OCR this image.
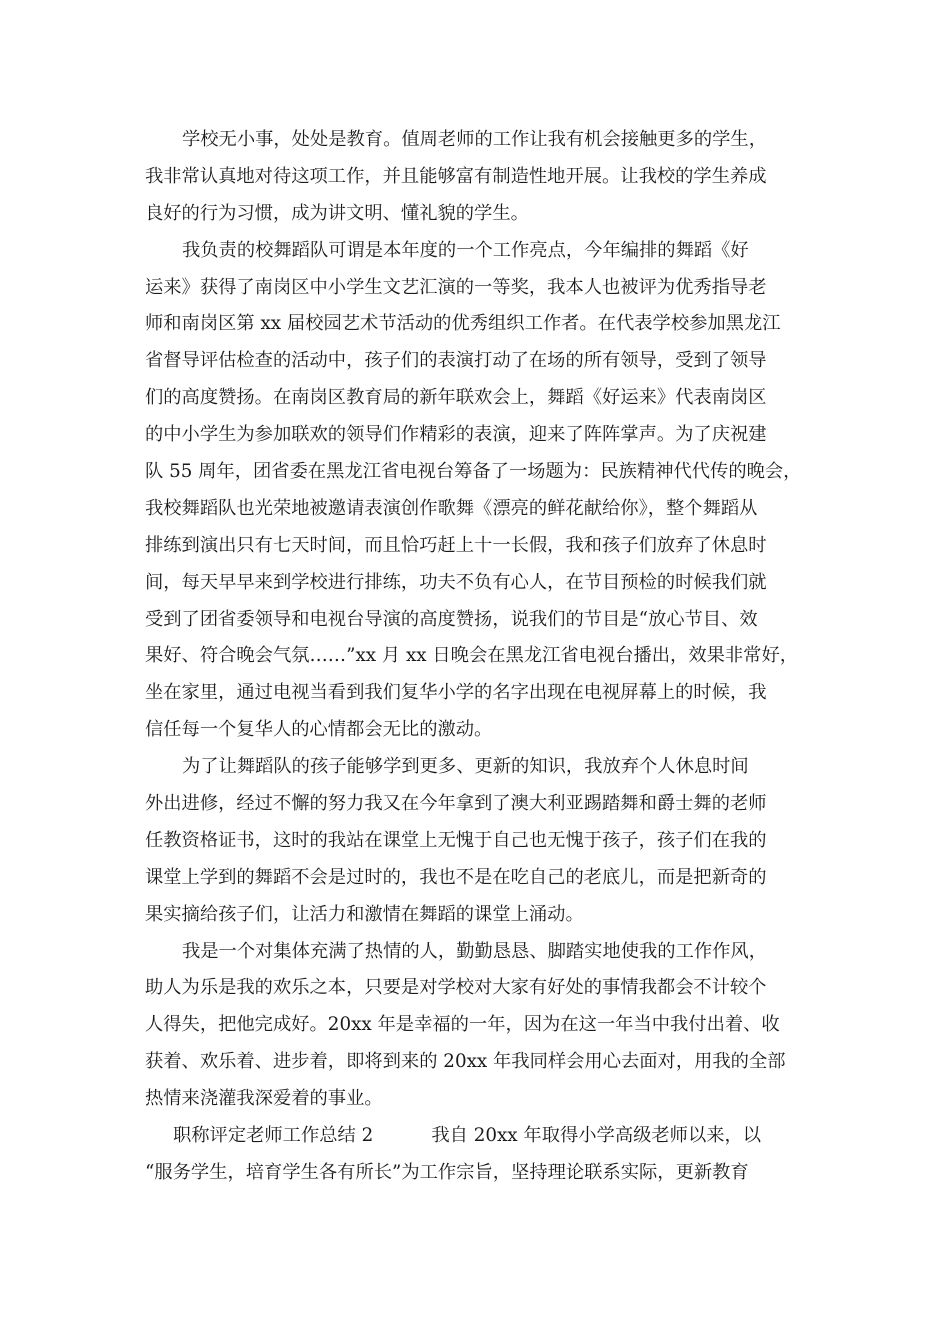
学校无小事，处处是教育。值周老师的工作让我有机会接触更多的学生，
我非常认真地对待这项工作，并且能够富有制造性地开展。让我校的学生养成
良好的行为习惯，成为讲文明、懂礼貌的学生。
我负责的校舞蹈队可谓是本年度的一个工作亮点，今年编排的舞蹈《好
运来》获得了南岗区中小学生文艺汇演的一等奖，我本人也被评为优秀指导老
师和南岗区第 xx 届校园艺术节活动的优秀组织工作者。在代表学校参加黑龙江
省督导评估检查的活动中，孩子们的表演打动了在场的所有领导，受到了领导
们的高度赞扬。在南岗区教育局的新年联欢会上，舞蹈《好运来》代表南岗区
的中小学生为参加联欢的领导们作精彩的表演，迎来了阵阵掌声。为了庆祝建
队 55 周年，团省委在黑龙江省电视台筹备了一场题为：民族精神代代传的晚会，
我校舞蹈队也光荣地被邀请表演创作歌舞《漂亮的鲜花献给你》，整个舞蹈从
排练到演出只有七天时间，而且恰巧赶上十一长假，我和孩子们放弃了休息时
间，每天早早来到学校进行排练，功夫不负有心人，在节目预检的时候我们就
受到了团省委领导和电视台导演的高度赞扬，说我们的节目是“放心节目、效
果好、符合晚会气氛……”xx 月 xx 日晚会在黑龙江省电视台播出，效果非常好，
坐在家里，通过电视当看到我们复华小学的名字出现在电视屏幕上的时候，我
信任每一个复华人的心情都会无比的激动。
为了让舞蹈队的孩子能够学到更多、更新的知识，我放弃个人休息时间
外出进修，经过不懈的努力我又在今年拿到了澳大利亚踢踏舞和爵士舞的老师
任教资格证书，这时的我站在课堂上无愧于自己也无愧于孩子，孩子们在我的
课堂上学到的舞蹈不会是过时的，我也不是在吃自己的老底儿，而是把新奇的
果实摘给孩子们，让活力和激情在舞蹈的课堂上涌动。
我是一个对集体充满了热情的人，勤勤恳恳、脚踏实地使我的工作作风，
助人为乐是我的欢乐之本，只要是对学校对大家有好处的事情我都会不计较个
人得失，把他完成好。20xx 年是幸福的一年，因为在这一年当中我付出着、收
获着、欢乐着、进步着，即将到来的 20xx 年我同样会用心去面对，用我的全部
热情来浇灌我深爱着的事业。
职称评定老师工作总结 2          我自 20xx 年取得小学高级老师以来，以
“服务学生，培育学生各有所长”为工作宗旨，坚持理论联系实际，更新教育
